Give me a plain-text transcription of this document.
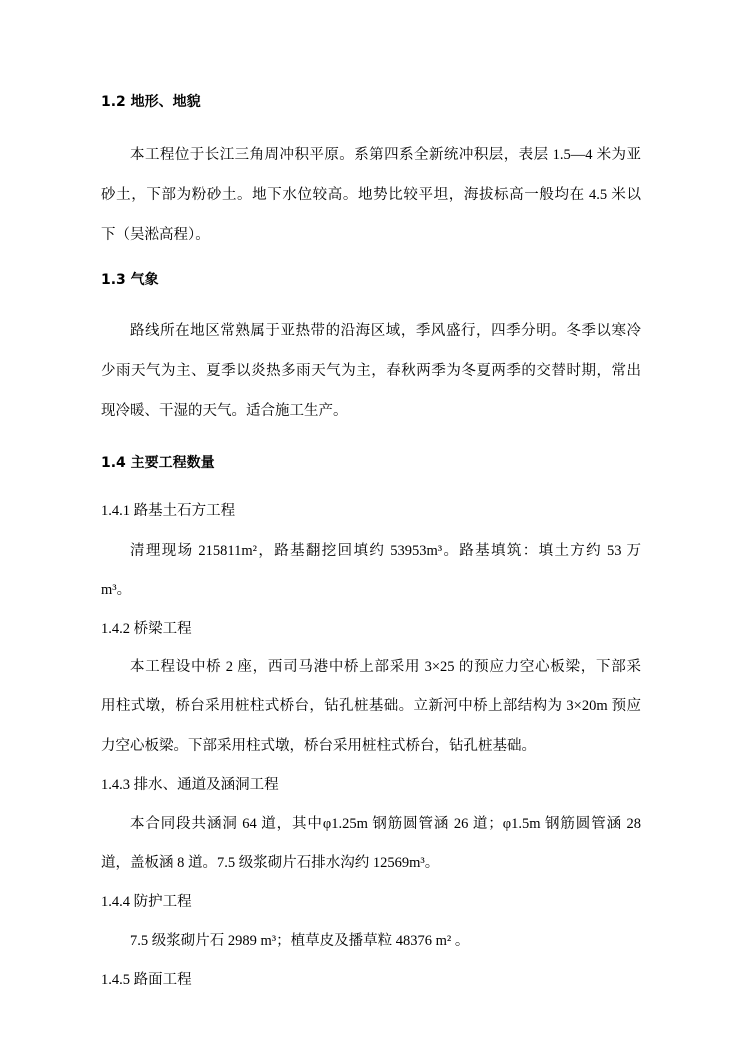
1.2 地形、地貌
本工程位于长江三角周冲积平原。系第四系全新统冲积层，表层 1.5—4 米为亚
砂土，下部为粉砂土。地下水位较高。地势比较平坦，海拔标高一般均在 4.5 米以
下（吴淞高程）。
1.3 气象
路线所在地区常熟属于亚热带的沿海区域，季风盛行，四季分明。冬季以寒冷
少雨天气为主、夏季以炎热多雨天气为主，春秋两季为冬夏两季的交替时期，常出
现冷暖、干湿的天气。适合施工生产。
1.4 主要工程数量
1.4.1 路基土石方工程
清理现场 215811m²，路基翻挖回填约 53953m³。路基填筑：填土方约 53 万
m³。
1.4.2 桥梁工程
本工程设中桥 2 座，西司马港中桥上部采用 3×25 的预应力空心板梁，下部采
用柱式墩，桥台采用桩柱式桥台，钻孔桩基础。立新河中桥上部结构为 3×20m 预应
力空心板梁。下部采用柱式墩，桥台采用桩柱式桥台，钻孔桩基础。
1.4.3 排水、通道及涵洞工程
本合同段共涵洞 64 道，其中φ1.25m 钢筋圆管涵 26 道；φ1.5m 钢筋圆管涵 28
道，盖板涵 8 道。7.5 级浆砌片石排水沟约 12569m³。
1.4.4 防护工程
7.5 级浆砌片石 2989 m³；植草皮及播草粒 48376 m² 。
1.4.5 路面工程
